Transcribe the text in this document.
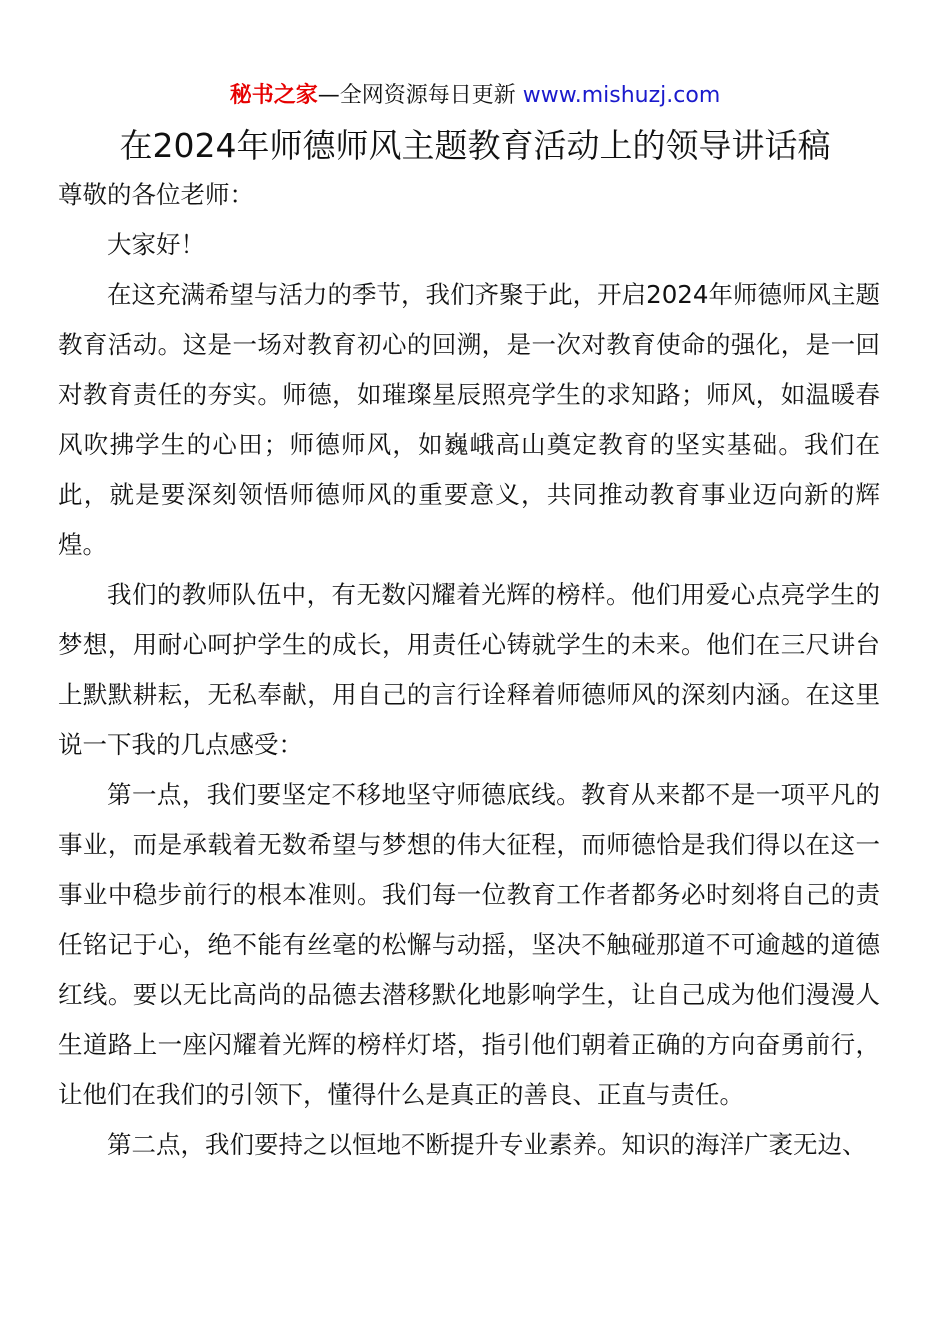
秘书之家—全网资源每日更新 www.mishuzj.com
在2024年师德师风主题教育活动上的领导讲话稿

尊敬的各位老师：

大家好！

在这充满希望与活力的季节，我们齐聚于此，开启2024年师德师风主题教育活动。这是一场对教育初心的回溯，是一次对教育使命的强化，是一回对教育责任的夯实。师德，如璀璨星辰照亮学生的求知路；师风，如温暖春风吹拂学生的心田；师德师风，如巍峨高山奠定教育的坚实基础。我们在此，就是要深刻领悟师德师风的重要意义，共同推动教育事业迈向新的辉煌。

我们的教师队伍中，有无数闪耀着光辉的榜样。他们用爱心点亮学生的梦想，用耐心呵护学生的成长，用责任心铸就学生的未来。他们在三尺讲台上默默耕耘，无私奉献，用自己的言行诠释着师德师风的深刻内涵。在这里说一下我的几点感受：

第一点，我们要坚定不移地坚守师德底线。教育从来都不是一项平凡的事业，而是承载着无数希望与梦想的伟大征程，而师德恰是我们得以在这一事业中稳步前行的根本准则。我们每一位教育工作者都务必时刻将自己的责任铭记于心，绝不能有丝毫的松懈与动摇，坚决不触碰那道不可逾越的道德红线。要以无比高尚的品德去潜移默化地影响学生，让自己成为他们漫漫人生道路上一座闪耀着光辉的榜样灯塔，指引他们朝着正确的方向奋勇前行，让他们在我们的引领下，懂得什么是真正的善良、正直与责任。

第二点，我们要持之以恒地不断提升专业素养。知识的海洋广袤无边、
